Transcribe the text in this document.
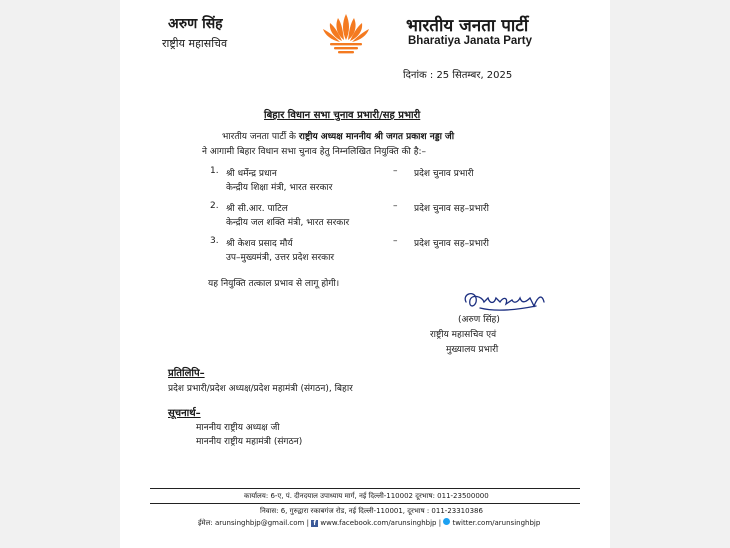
अरुण सिंह
राष्ट्रीय महासचिव
भारतीय जनता पार्टी
Bharatiya Janata Party
दिनांक : 25 सितम्बर, 2025
बिहार विधान सभा चुनाव प्रभारी/सह प्रभारी
भारतीय जनता पार्टी के राष्ट्रीय अध्यक्ष माननीय श्री जगत प्रकाश नड्डा जी
ने आगामी बिहार विधान सभा चुनाव हेतु निम्नलिखित नियुक्ति की है:–
1. श्री धर्मेन्द्र प्रधान
केन्द्रीय शिक्षा मंत्री, भारत सरकार
– प्रदेश चुनाव प्रभारी
2. श्री सी.आर. पाटिल
केन्द्रीय जल शक्ति मंत्री, भारत सरकार
– प्रदेश चुनाव सह–प्रभारी
3. श्री केशव प्रसाद मौर्य
उप–मुख्यमंत्री, उत्तर प्रदेश सरकार
– प्रदेश चुनाव सह–प्रभारी
यह नियुक्ति तत्काल प्रभाव से लागू होगी।
(अरुण सिंह)
राष्ट्रीय महासचिव एवं
मुख्यालय प्रभारी
प्रतिलिपि–
प्रदेश प्रभारी/प्रदेश अध्यक्ष/प्रदेश महामंत्री (संगठन), बिहार
सूचनार्थ–
माननीय राष्ट्रीय अध्यक्ष जी
माननीय राष्ट्रीय महामंत्री (संगठन)
कार्यालय: 6-ए, पं. दीनदयाल उपाध्याय मार्ग, नई दिल्ली-110002 दूरभाष: 011-23500000
निवास: 6, गुरुद्वारा रकाबगंज रोड, नई दिल्ली-110001, दूरभाष : 011-23310386
ईमेल: arunsinghbjp@gmail.com | f www.facebook.com/arunsinghbjp | twitter.com/arunsinghbjp
